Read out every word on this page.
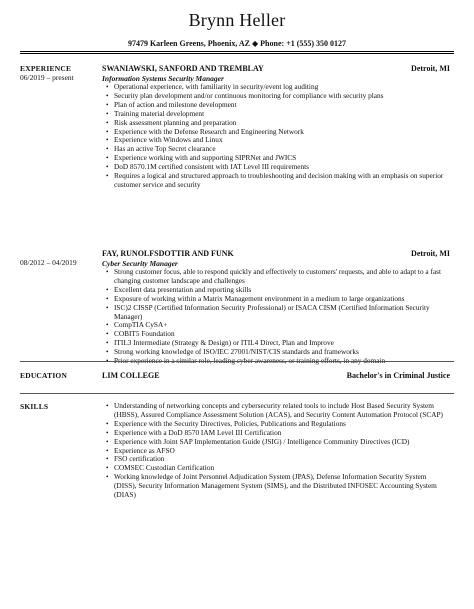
Brynn Heller
97479 Karleen Greens, Phoenix, AZ ◆ Phone: +1 (555) 350 0127
EXPERIENCE
06/2019 – present
SWANIAWSKI, SANFORD AND TREMBLAY	Detroit, MI
Information Systems Security Manager
• Operational experience, with familiarity in security/event log auditing
• Security plan development and/or continuous monitoring for compliance with security plans
• Plan of action and milestone development
• Training material development
• Risk assessment planning and preparation
• Experience with the Defense Research and Engineering Network
• Experience with Windows and Linux
• Has an active Top Secret clearance
• Experience working with and supporting SIPRNet and JWICS
• DoD 8570.1M certified consistent with IAT Level III requirements
• Requires a logical and structured approach to troubleshooting and decision making with an emphasis on superior customer service and security
08/2012 – 04/2019
FAY, RUNOLFSDOTTIR AND FUNK	Detroit, MI
Cyber Security Manager
• Strong customer focus, able to respond quickly and effectively to customers' requests, and able to adapt to a fast changing customer landscape and challenges
• Excellent data presentation and reporting skills
• Exposure of working within a Matrix Management environment in a medium to large organizations
• ISC)2 CISSP (Certified Information Security Professional) or ISACA CISM (Certified Information Security Manager)
• CompTIA CySA+
• COBIT5 Foundation
• ITIL3 Intermediate (Strategy & Design) or ITIL4 Direct, Plan and Improve
• Strong working knowledge of ISO/IEC 27001/NIST/CIS standards and frameworks
• Prior experience in a similar role, leading cyber awareness, or training efforts, in any domain
EDUCATION	LIM COLLEGE	Bachelor's in Criminal Justice
SKILLS
•	Understanding of networking concepts and cybersecurity related tools to include Host Based Security System (HBSS), Assured Compliance Assessment Solution (ACAS), and Security Content Automation Protocol (SCAP)
• Experience with the Security Directives, Policies, Publications and Regulations
• Experience with a DoD 8570 IAM Level III Certification
• Experience with Joint SAP Implementation Guide (JSIG) / Intelligence Community Directives (ICD)
• Experience as AFSO
• FSO certification
• COMSEC Custodian Certification
• Working knowledge of Joint Personnel Adjudication System (JPAS), Defense Information Security System (DISS), Security Information Management System (SIMS), and the Distributed INFOSEC Accounting System (DIAS)
